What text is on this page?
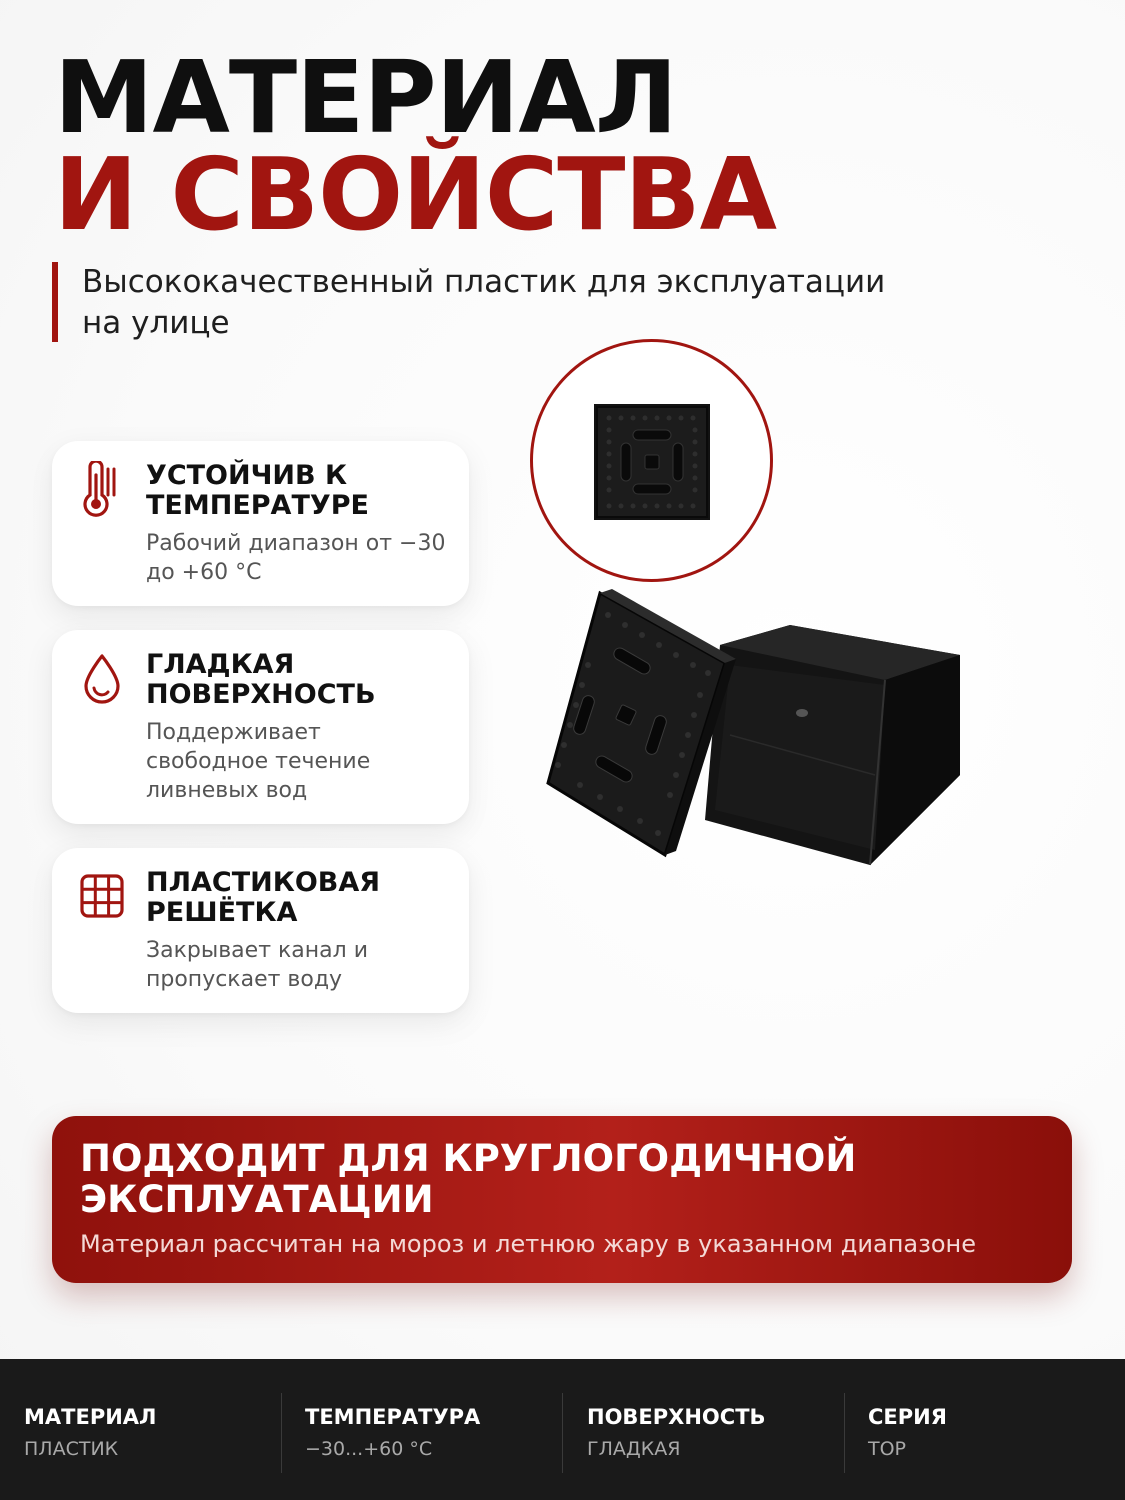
МАТЕРИАЛ
И СВОЙСТВА

Высококачественный пластик для эксплуатации на улице

УСТОЙЧИВ К ТЕМПЕРАТУРЕ
Рабочий диапазон от −30 до +60 °C
ГЛАДКАЯ ПОВЕРХНОСТЬ
Поддерживает свободное течение ливневых вод
ПЛАСТИКОВАЯ РЕШЁТКА
Закрывает канал и пропускает воду
ПОДХОДИТ ДЛЯ КРУГЛОГОДИЧНОЙ ЭКСПЛУАТАЦИИ
Материал рассчитан на мороз и летнюю жару в указанном диапазоне
МАТЕРИАЛ
ПЛАСТИК
ТЕМПЕРАТУРА
−30...+60 °C
ПОВЕРХНОСТЬ
ГЛАДКАЯ
СЕРИЯ
TOP
